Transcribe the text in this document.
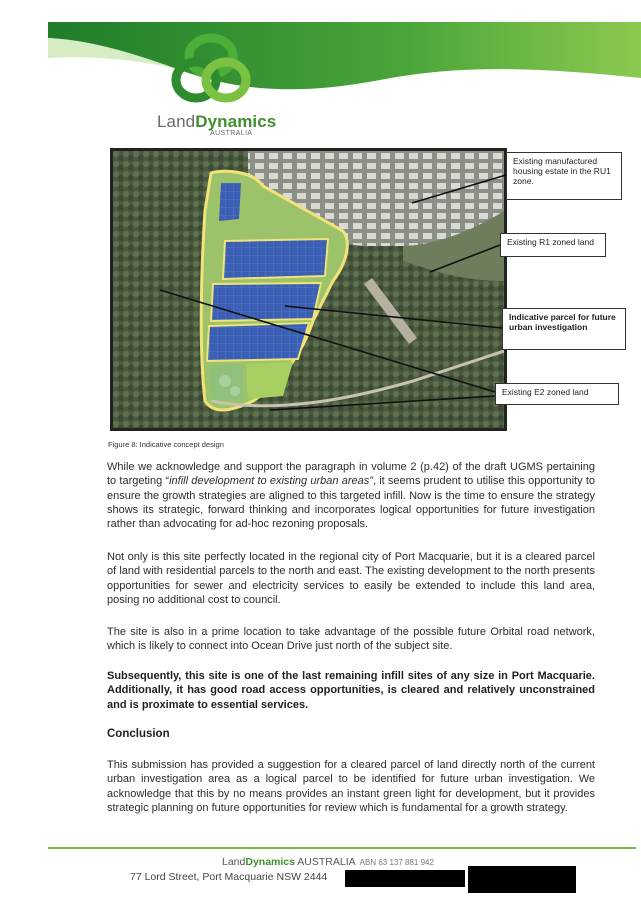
LandDynamics
AUSTRALIA
Existing manufactured housing estate in the RU1 zone.
Existing R1 zoned land
Indicative parcel for future urban investigation
Existing E2 zoned land
Figure 8: Indicative concept design

While we acknowledge and support the paragraph in volume 2 (p.42) of the draft UGMS pertaining to targeting “infill development to existing urban areas”, it seems prudent to utilise this opportunity to ensure the growth strategies are aligned to this targeted infill. Now is the time to ensure the strategy shows its strategic, forward thinking and incorporates logical opportunities for future investigation rather than advocating for ad-hoc rezoning proposals.

Not only is this site perfectly located in the regional city of Port Macquarie, but it is a cleared parcel of land with residential parcels to the north and east. The existing development to the north presents opportunities for sewer and electricity services to easily be extended to include this land area, posing no additional cost to council.

The site is also in a prime location to take advantage of the possible future Orbital road network, which is likely to connect into Ocean Drive just north of the subject site.

Subsequently, this site is one of the last remaining infill sites of any size in Port Macquarie. Additionally, it has good road access opportunities, is cleared and relatively unconstrained and is proximate to essential services.

Conclusion

This submission has provided a suggestion for a cleared parcel of land directly north of the current urban investigation area as a logical parcel to be identified for future urban investigation. We acknowledge that this by no means provides an instant green light for development, but it provides strategic planning on future opportunities for review which is fundamental for a growth strategy.

LandDynamics AUSTRALIA ABN 63 137 881 942
77 Lord Street, Port Macquarie NSW 2444
